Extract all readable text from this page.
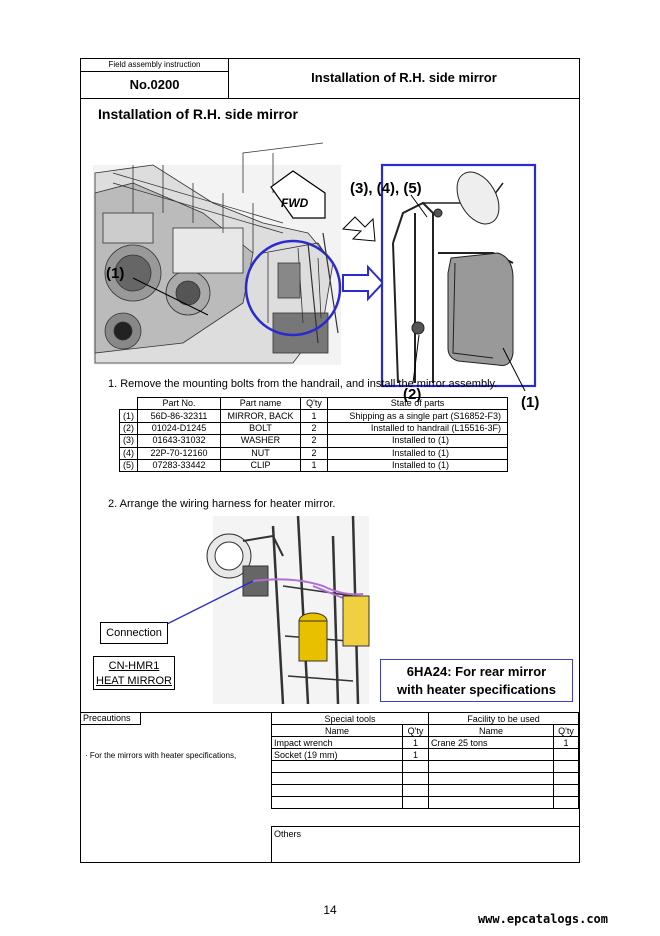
Field assembly instruction
No.0200	Installation of R.H. side mirror
(1)
FWD
(3), (4), (5)
(2)	(1)
Installation of R.H. side mirror
1. Remove the mounting bolts from the handrail, and install the mirror assembly.
	Part No.	Part name	Q'ty	State of parts
(1)	56D-86-32311	MIRROR, BACK	1	Shipping as a single part (S16852-F3)
(2)	01024-D1245	BOLT	2	Installed to handrail (L15516-3F)
(3)	01643-31032	WASHER	2	Installed to (1)
(4)	22P-70-12160	NUT	2	Installed to (1)
(5)	07283-33442	CLIP	1	Installed to (1)
2. Arrange the wiring harness for heater mirror.
Connection
CN-HMR1
HEAT MIRROR
6HA24: For rear mirror
with heater specifications
Precautions
· For the mirrors with heater specifications,
Special tools		Facility to be used	
Name	Q'ty	Name	Q'ty
Impact wrench	1	Crane 25 tons	1
Socket (19 mm)	1		

Others
14
www.epcatalogs.com
